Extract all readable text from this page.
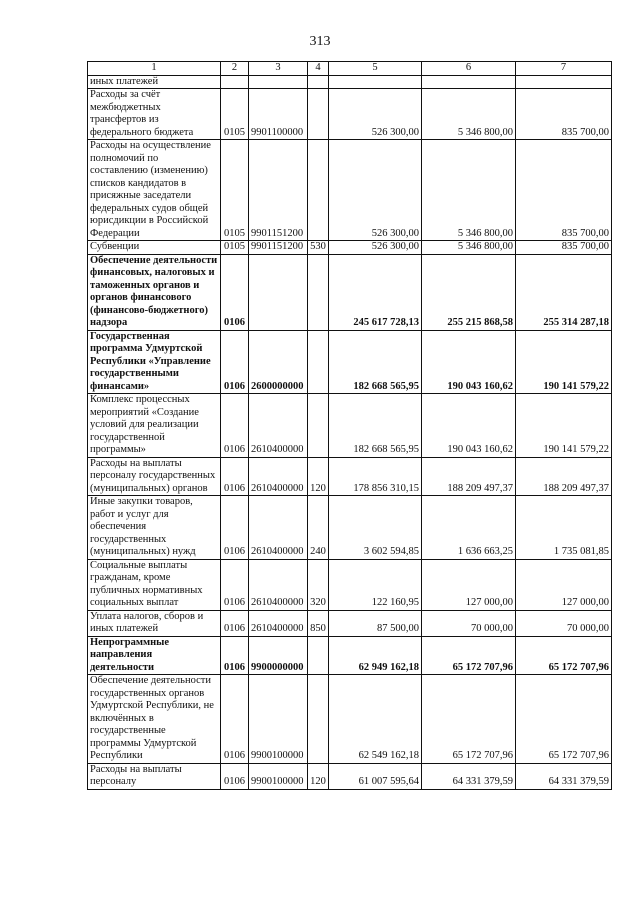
313
1	2	3	4	5	6	7
иных платежей						
Расходы за счёт межбюджетных трансфертов из федерального бюджета	0105	9901100000		526 300,00	5 346 800,00	835 700,00
Расходы на осуществление полномочий по составлению (изменению) списков кандидатов в присяжные заседатели федеральных судов общей юрисдикции в Российской Федерации	0105	9901151200		526 300,00	5 346 800,00	835 700,00
Субвенции	0105	9901151200	530	526 300,00	5 346 800,00	835 700,00
Обеспечение деятельности финансовых, налоговых и таможенных органов и органов финансового (финансово-бюджетного) надзора	0106			245 617 728,13	255 215 868,58	255 314 287,18
Государственная программа Удмуртской Республики «Управление государственными финансами»	0106	2600000000		182 668 565,95	190 043 160,62	190 141 579,22
Комплекс процессных мероприятий «Создание условий для реализации государственной программы»	0106	2610400000		182 668 565,95	190 043 160,62	190 141 579,22
Расходы на выплаты персоналу государственных (муниципальных) органов	0106	2610400000	120	178 856 310,15	188 209 497,37	188 209 497,37
Иные закупки товаров, работ и услуг для обеспечения государственных (муниципальных) нужд	0106	2610400000	240	3 602 594,85	1 636 663,25	1 735 081,85
Социальные выплаты гражданам, кроме публичных нормативных социальных выплат	0106	2610400000	320	122 160,95	127 000,00	127 000,00
Уплата налогов, сборов и иных платежей	0106	2610400000	850	87 500,00	70 000,00	70 000,00
Непрограммные направления деятельности	0106	9900000000		62 949 162,18	65 172 707,96	65 172 707,96
Обеспечение деятельности государственных органов Удмуртской Республики, не включённых в государственные программы Удмуртской Республики	0106	9900100000		62 549 162,18	65 172 707,96	65 172 707,96
Расходы на выплаты персоналу	0106	9900100000	120	61 007 595,64	64 331 379,59	64 331 379,59
